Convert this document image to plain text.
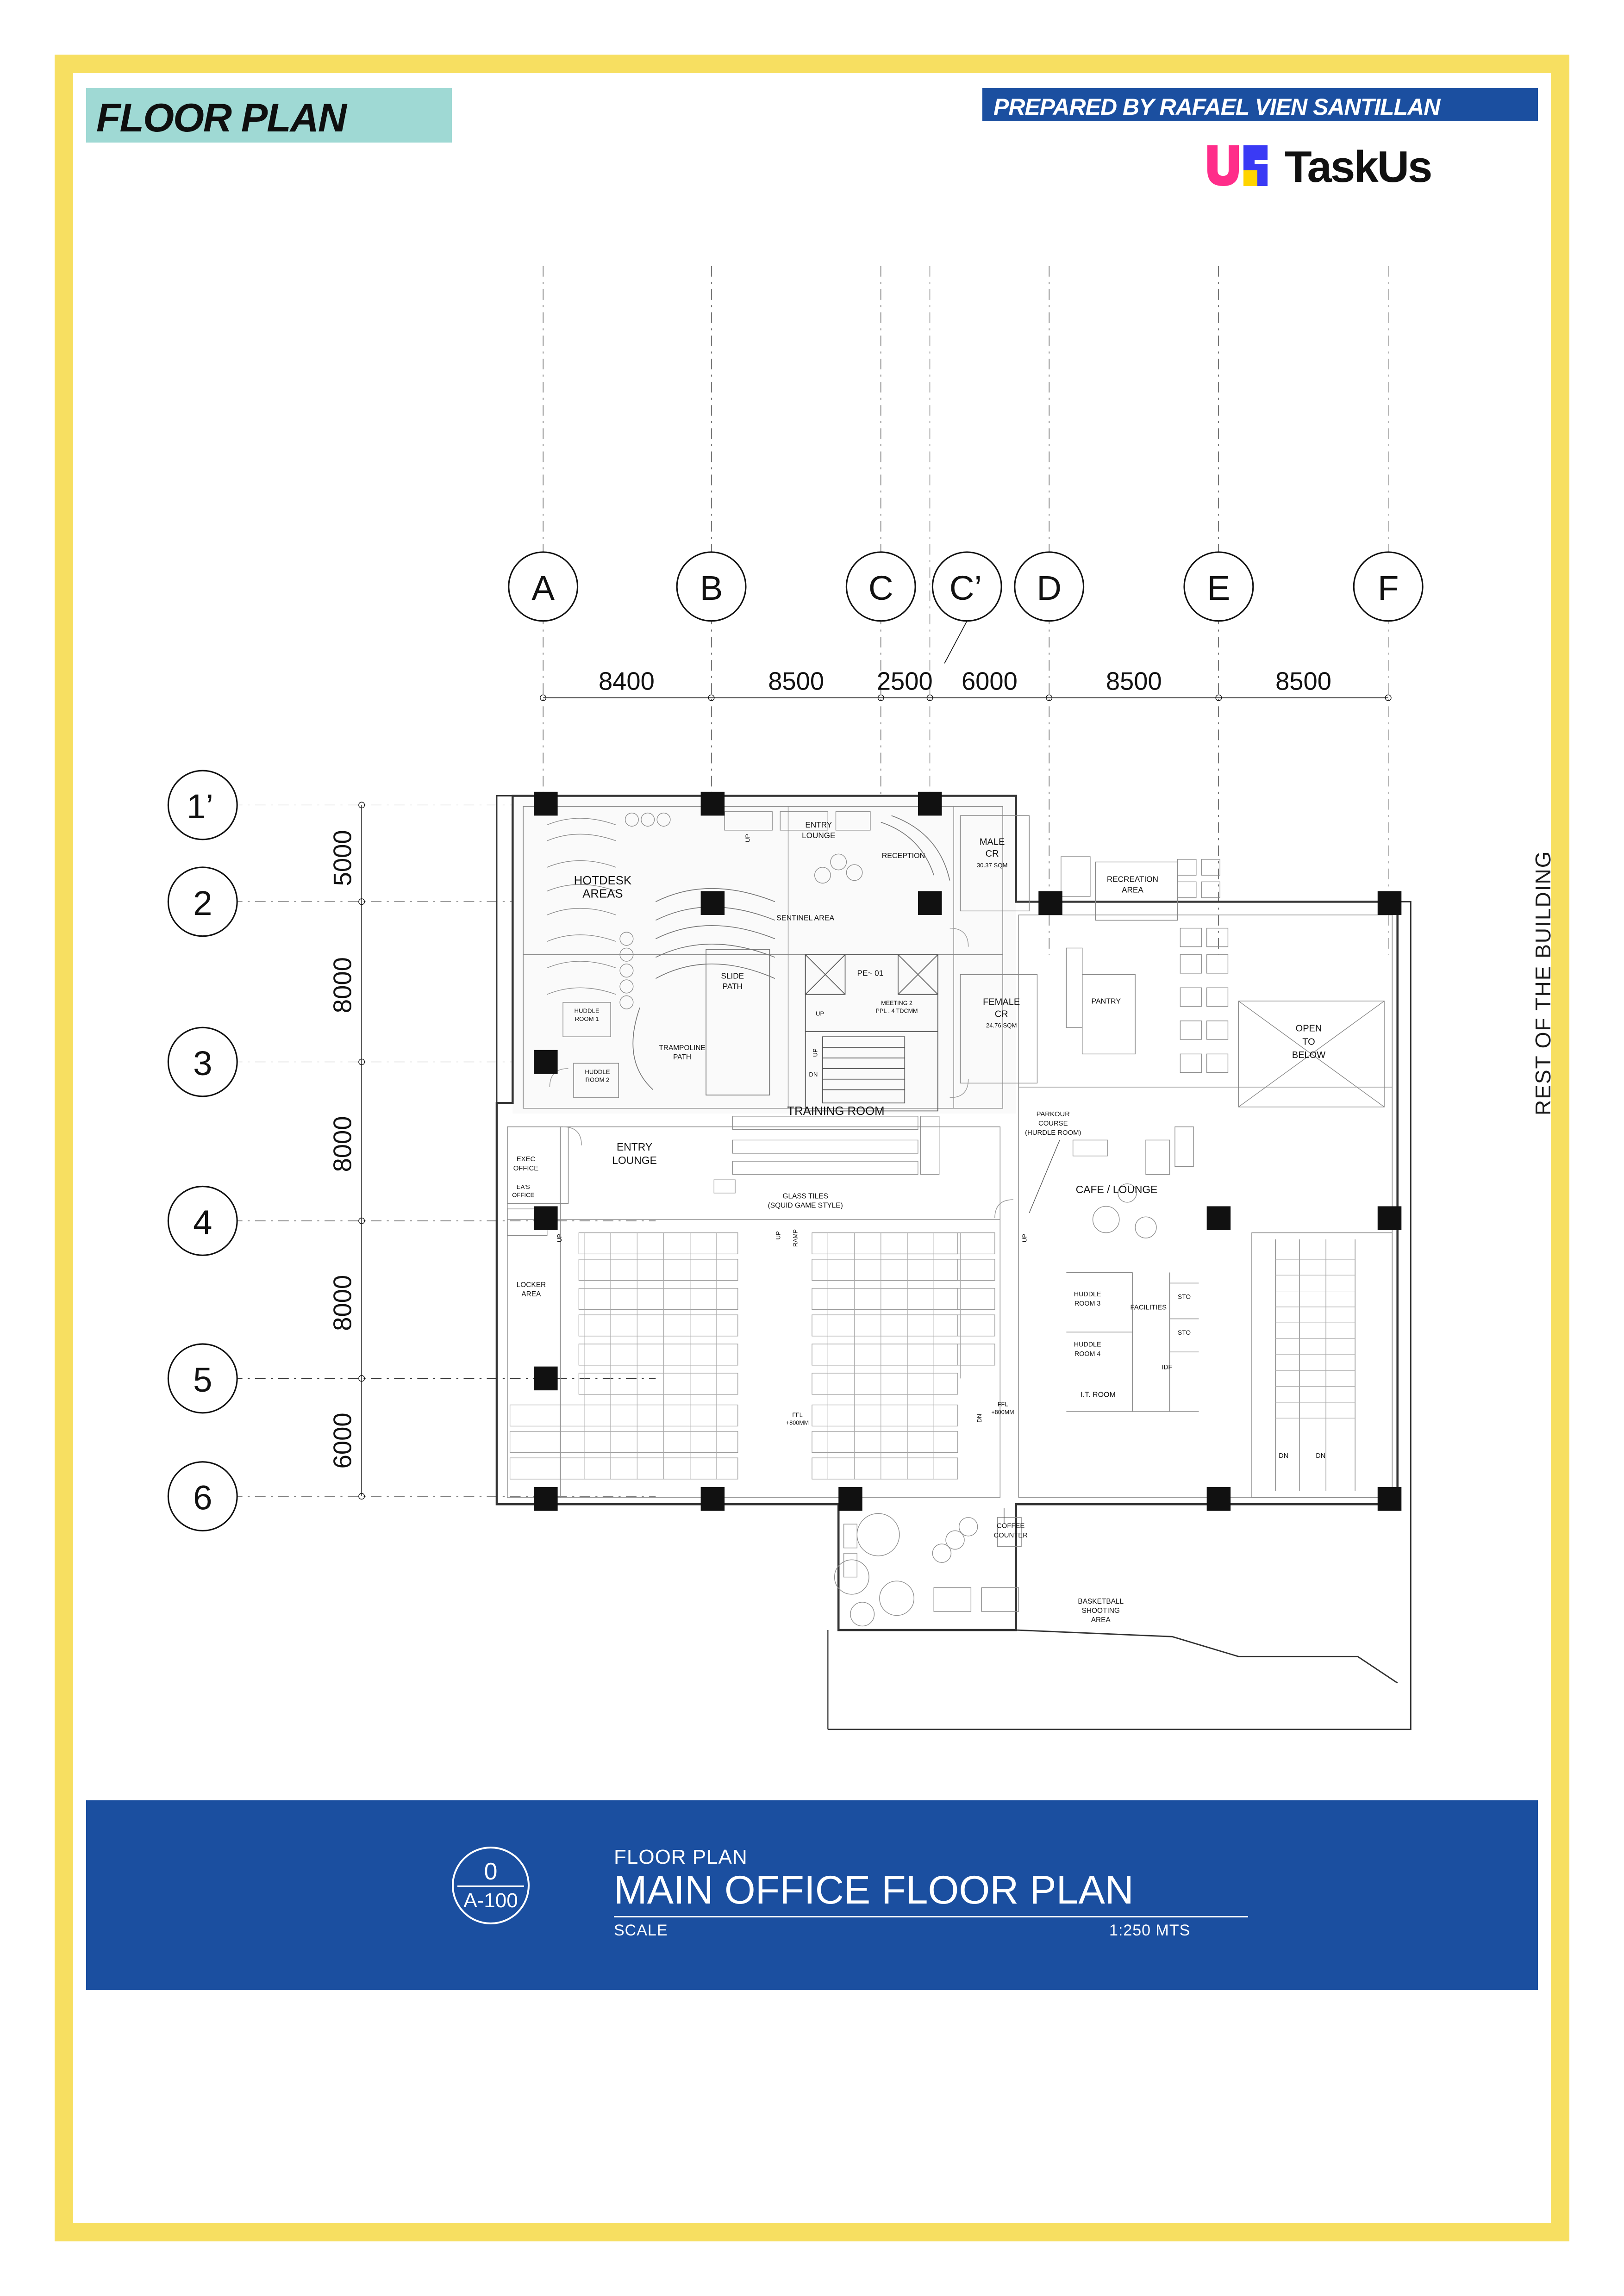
FLOOR PLAN	PREPARED BY RAFAEL VIEN SANTILLAN
TaskUs
A	B	C	C’	D	E	F
1’
2
3
4
5
6
8400	8500	2500	6000	8500	8500
5000
8000
8000
8000
6000
HOTDESK
AREAS
ENTRY
LOUNGE
SENTINEL AREA
RECEPTION
MALE
CR
30.37 SQM
RECREATION
AREA
SLIDE
PATH
PE~ 01
MEETING 2
PPL . 4 TDCMM
HUDDLE
ROOM 1
HUDDLE
ROOM 2
TRAMPOLINE
PATH
FEMALE
CR
24.76 SQM
PANTRY
OPEN
TO
BELOW
TRAINING ROOM	PARKOUR
COURSE
(HURDLE ROOM)
EXEC
OFFICE
EA'S
OFFICE
ENTRY
LOUNGE
CAFE / LOUNGE
GLASS TILES
(SQUID GAME STYLE)
LOCKER
AREA	HUDDLE
ROOM 3
HUDDLE
ROOM 4
FACILITIES
STO
STO
IDF
I.T. ROOM
FFL
+800MM
FFL
+800MM
DN	DN
COFFEE
COUNTER
BASKETBALL
SHOOTING
AREA
UP
UP
UP
DN
UP	UP	RAMP	UP
DN
REST OF THE BUILDING
0
A-100
FLOOR PLAN
MAIN OFFICE FLOOR PLAN
SCALE	1:250 MTS
